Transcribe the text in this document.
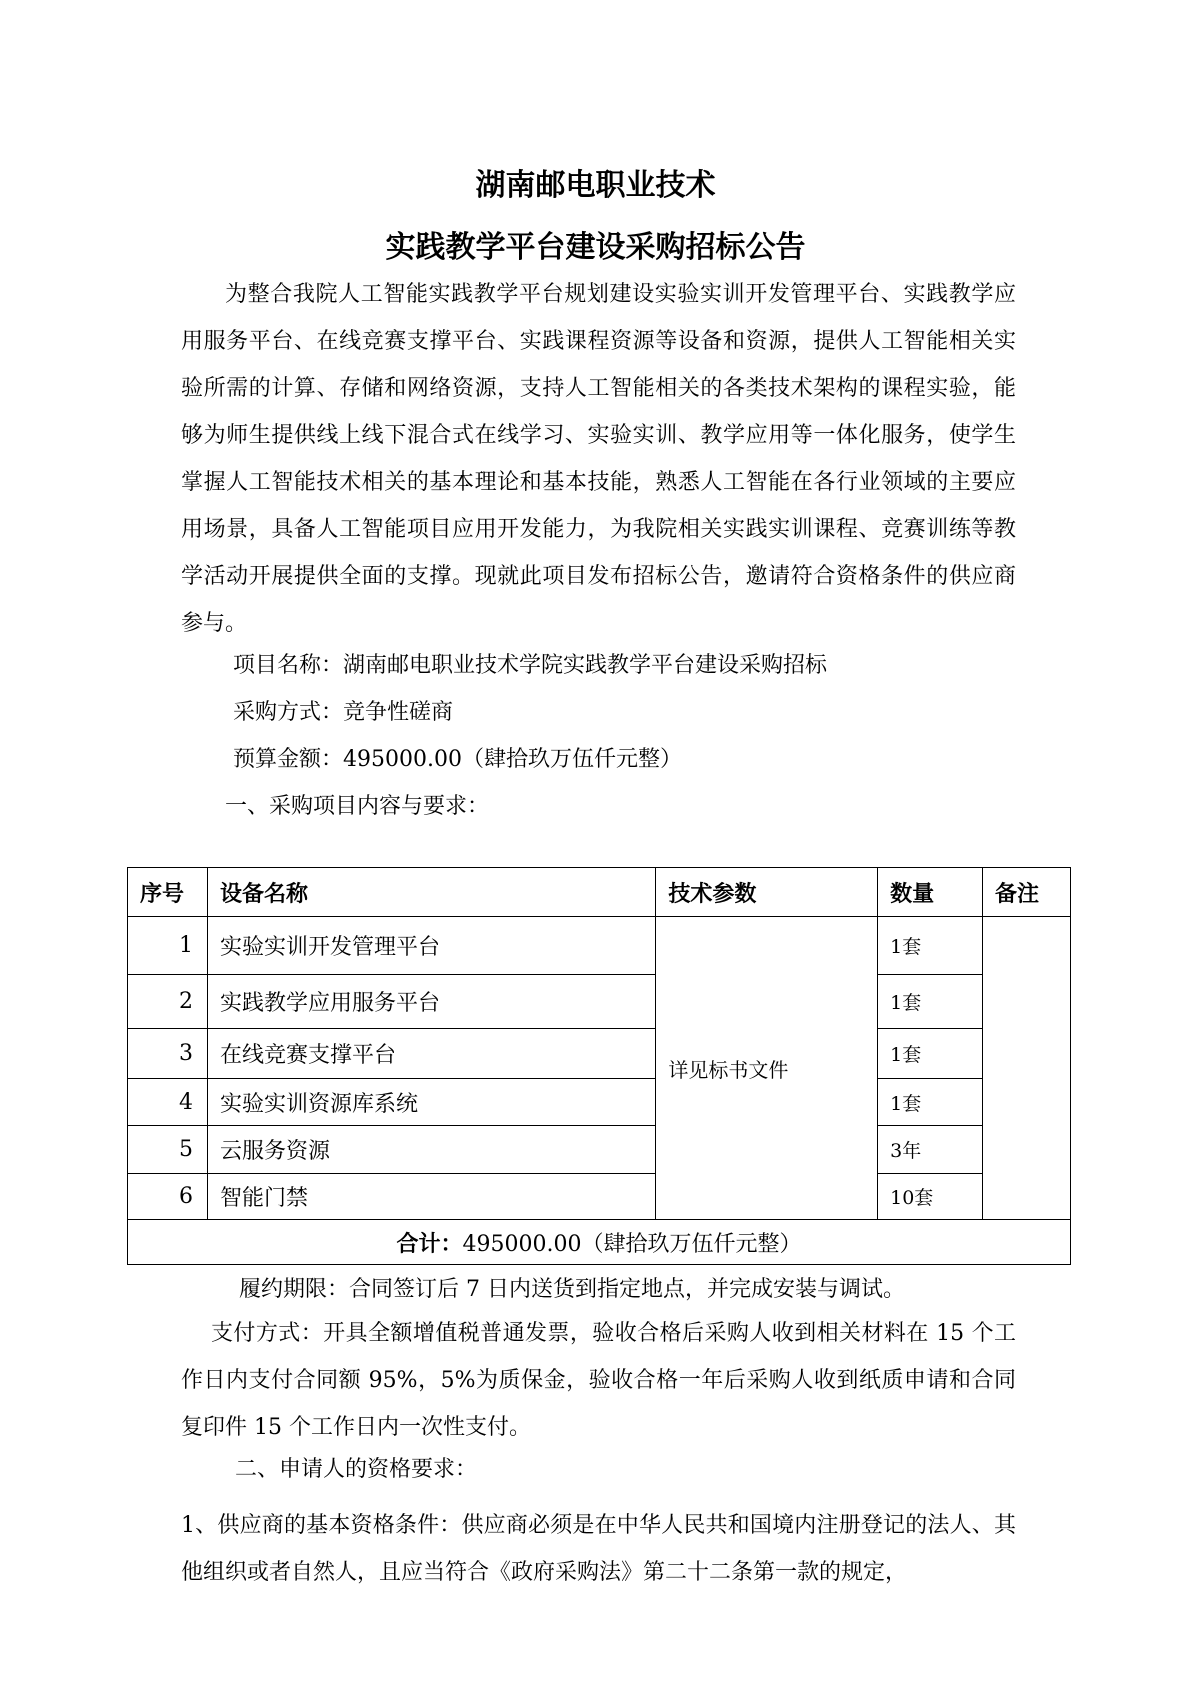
湖南邮电职业技术
实践教学平台建设采购招标公告

为整合我院人工智能实践教学平台规划建设实验实训开发管理平台、实践教学应用服务平台、在线竞赛支撑平台、实践课程资源等设备和资源，提供人工智能相关实验所需的计算、存储和网络资源，支持人工智能相关的各类技术架构的课程实验，能够为师生提供线上线下混合式在线学习、实验实训、教学应用等一体化服务，使学生掌握人工智能技术相关的基本理论和基本技能，熟悉人工智能在各行业领域的主要应用场景，具备人工智能项目应用开发能力，为我院相关实践实训课程、竞赛训练等教学活动开展提供全面的支撑。现就此项目发布招标公告，邀请符合资格条件的供应商参与。

项目名称：湖南邮电职业技术学院实践教学平台建设采购招标

采购方式：竞争性磋商

预算金额：495000.00（肆拾玖万伍仟元整）

一、采购项目内容与要求：

序号	设备名称	技术参数	数量	备注
1	实验实训开发管理平台	详见标书文件	1套	
2	实践教学应用服务平台		1套	
3	在线竞赛支撑平台		1套	
4	实验实训资源库系统		1套	
5	云服务资源		3年	
6	智能门禁		10套	
合计：495000.00（肆拾玖万伍仟元整）				

履约期限：合同签订后 7 日内送货到指定地点，并完成安装与调试。

支付方式：开具全额增值税普通发票，验收合格后采购人收到相关材料在 15 个工作日内支付合同额 95%，5%为质保金，验收合格一年后采购人收到纸质申请和合同复印件 15 个工作日内一次性支付。

二、申请人的资格要求：

1、供应商的基本资格条件：供应商必须是在中华人民共和国境内注册登记的法人、其他组织或者自然人，且应当符合《政府采购法》第二十二条第一款的规定，
